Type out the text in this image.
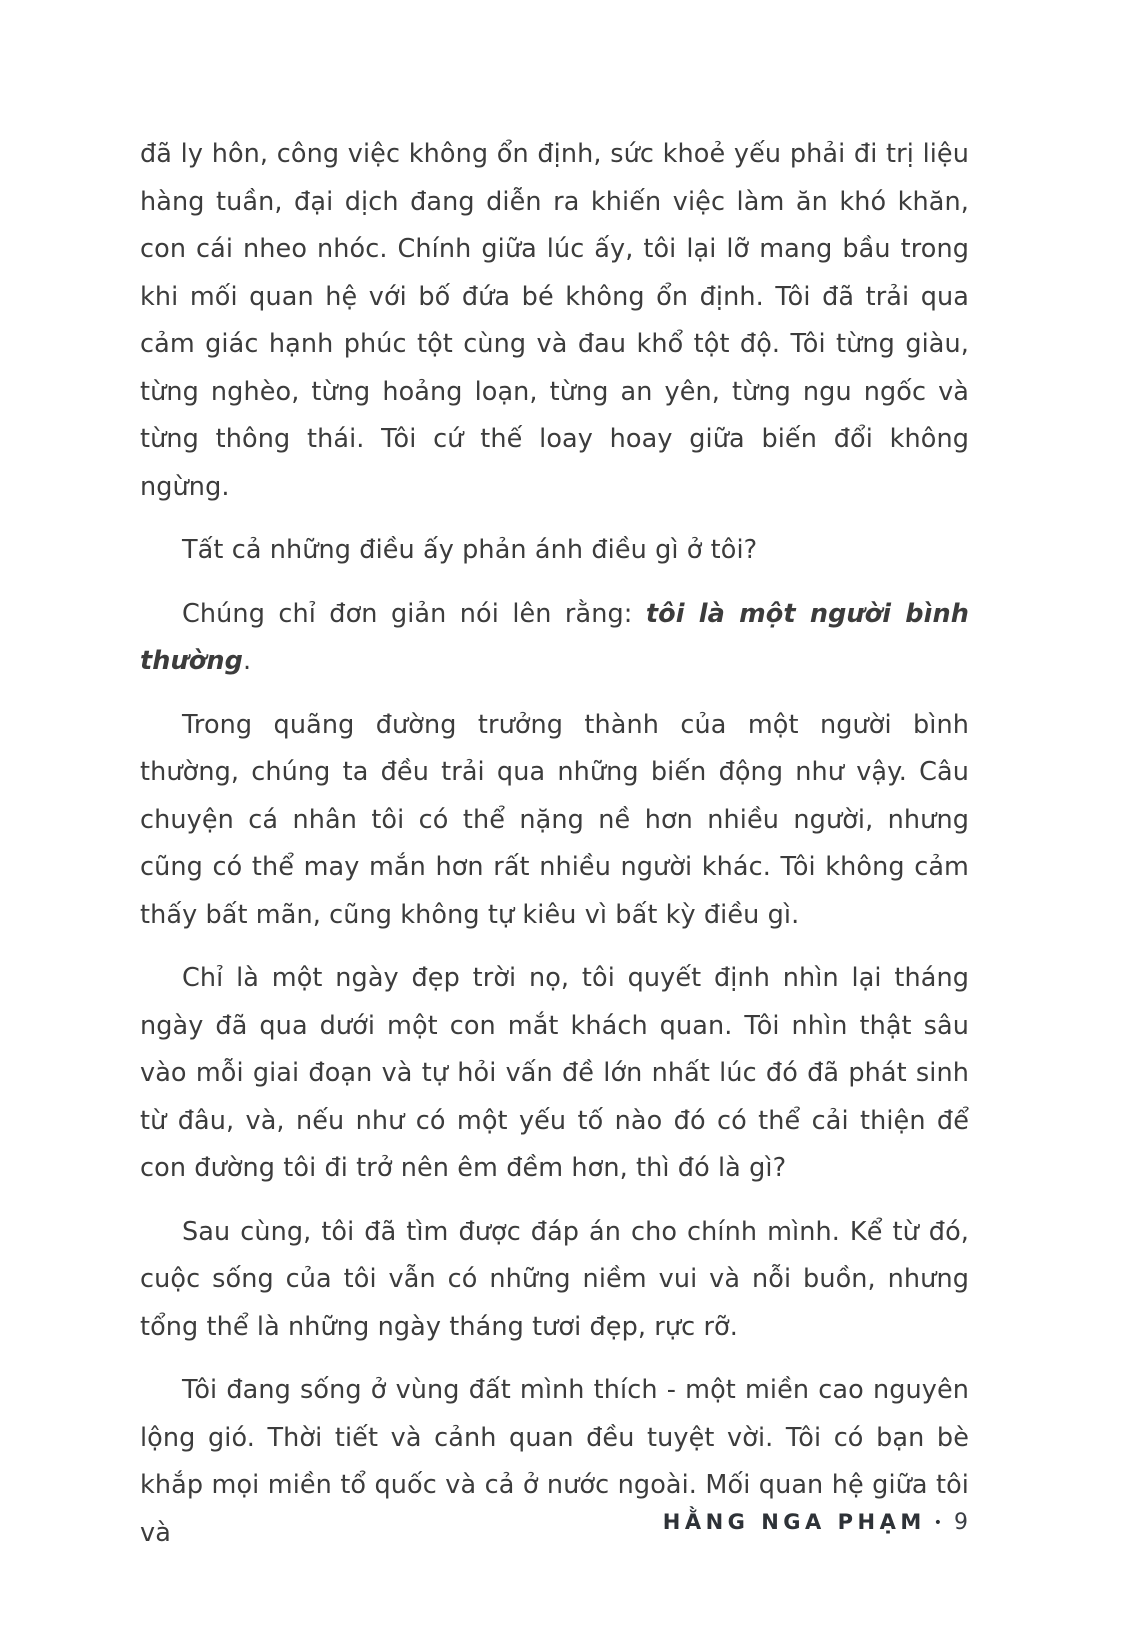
đã ly hôn, công việc không ổn định, sức khoẻ yếu phải đi trị liệu hàng tuần, đại dịch đang diễn ra khiến việc làm ăn khó khăn, con cái nheo nhóc. Chính giữa lúc ấy, tôi lại lỡ mang bầu trong khi mối quan hệ với bố đứa bé không ổn định. Tôi đã trải qua cảm giác hạnh phúc tột cùng và đau khổ tột độ. Tôi từng giàu, từng nghèo, từng hoảng loạn, từng an yên, từng ngu ngốc và từng thông thái. Tôi cứ thế loay hoay giữa biến đổi không ngừng.

Tất cả những điều ấy phản ánh điều gì ở tôi?

Chúng chỉ đơn giản nói lên rằng: tôi là một người bình thường.

Trong quãng đường trưởng thành của một người bình thường, chúng ta đều trải qua những biến động như vậy. Câu chuyện cá nhân tôi có thể nặng nề hơn nhiều người, nhưng cũng có thể may mắn hơn rất nhiều người khác. Tôi không cảm thấy bất mãn, cũng không tự kiêu vì bất kỳ điều gì.

Chỉ là một ngày đẹp trời nọ, tôi quyết định nhìn lại tháng ngày đã qua dưới một con mắt khách quan. Tôi nhìn thật sâu vào mỗi giai đoạn và tự hỏi vấn đề lớn nhất lúc đó đã phát sinh từ đâu, và, nếu như có một yếu tố nào đó có thể cải thiện để con đường tôi đi trở nên êm đềm hơn, thì đó là gì?

Sau cùng, tôi đã tìm được đáp án cho chính mình. Kể từ đó, cuộc sống của tôi vẫn có những niềm vui và nỗi buồn, nhưng tổng thể là những ngày tháng tươi đẹp, rực rỡ.

Tôi đang sống ở vùng đất mình thích - một miền cao nguyên lộng gió. Thời tiết và cảnh quan đều tuyệt vời. Tôi có bạn bè khắp mọi miền tổ quốc và cả ở nước ngoài. Mối quan hệ giữa tôi và	HẰNG NGA PHẠM • 9
